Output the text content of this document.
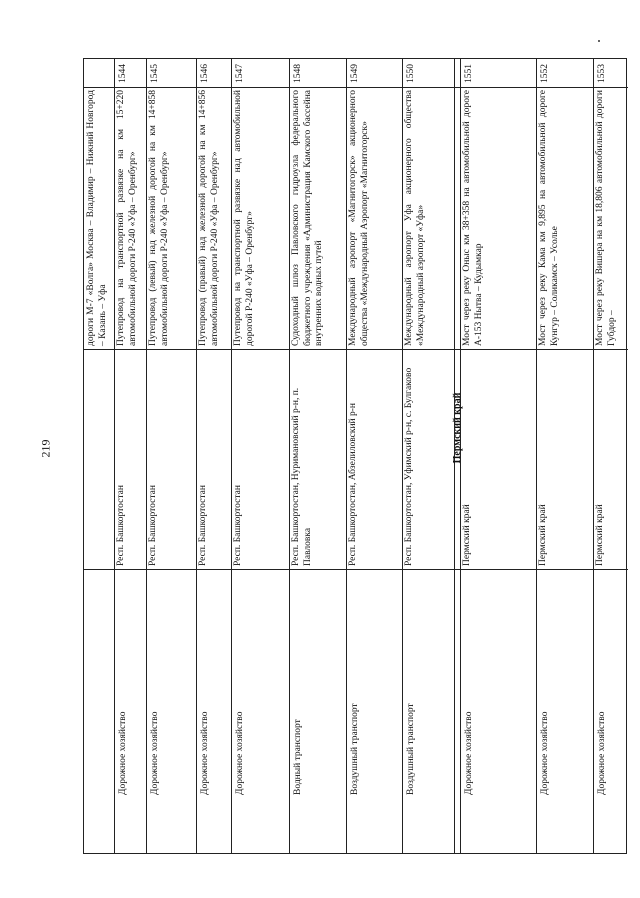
219
дороги М-7 «Волга» Москва – Владимир – Нижний Новгород – Казань – Уфа
1544
Путепровод на транспортной развязке на км 15+220 автомобильной дороги Р-240 «Уфа – Оренбург»
Респ. Башкортостан
Дорожное хозяйство
1545
Путепровод (левый) над железной дорогой на км 14+858 автомобильной дороги Р-240 «Уфа – Оренбург»
Респ. Башкортостан
Дорожное хозяйство
1546
Путепровод (правый) над железной дорогой на км 14+856 автомобильной дороги Р-240 «Уфа – Оренбург»
Респ. Башкортостан
Дорожное хозяйство
1547
Путепровод на транспортной развязке над автомобильной дорогой Р-240 «Уфа – Оренбург»
Респ. Башкортостан
Дорожное хозяйство
1548
Судоходный шлюз Павловского гидроузла федерального бюджетного учреждения «Администрация Камского бассейна внутренних водных путей
Респ. Башкортостан, Нуримановский р-н, п. Павловка
Водный транспорт
1549
Международный аэропорт «Магнитогорск» акционерного общества «Международный Аэропорт «Магнитогорск»
Респ. Башкортостан, Абзелиловский р-н
Воздушный транспорт
1550
Международный аэропорт Уфа акционерного общества «Международный аэропорт «Уфа»
Респ. Башкортостан, Уфимский р-н, с. Булгаково
Воздушный транспорт
1551
Мост через реку Оныс км 38+358 на автомобильной дороге А-153 Нытва – Кудымкар
Пермский край
Дорожное хозяйство
1552
Мост через реку Кама км 9,895 на автомобильной дороге Кунгур – Соликамск – Усолье
Пермский край
Дорожное хозяйство
1553
Мост через реку Вишера на км 18,806 автомобильной дороги Губдор –
Пермский край
Дорожное хозяйство
Пермский край
